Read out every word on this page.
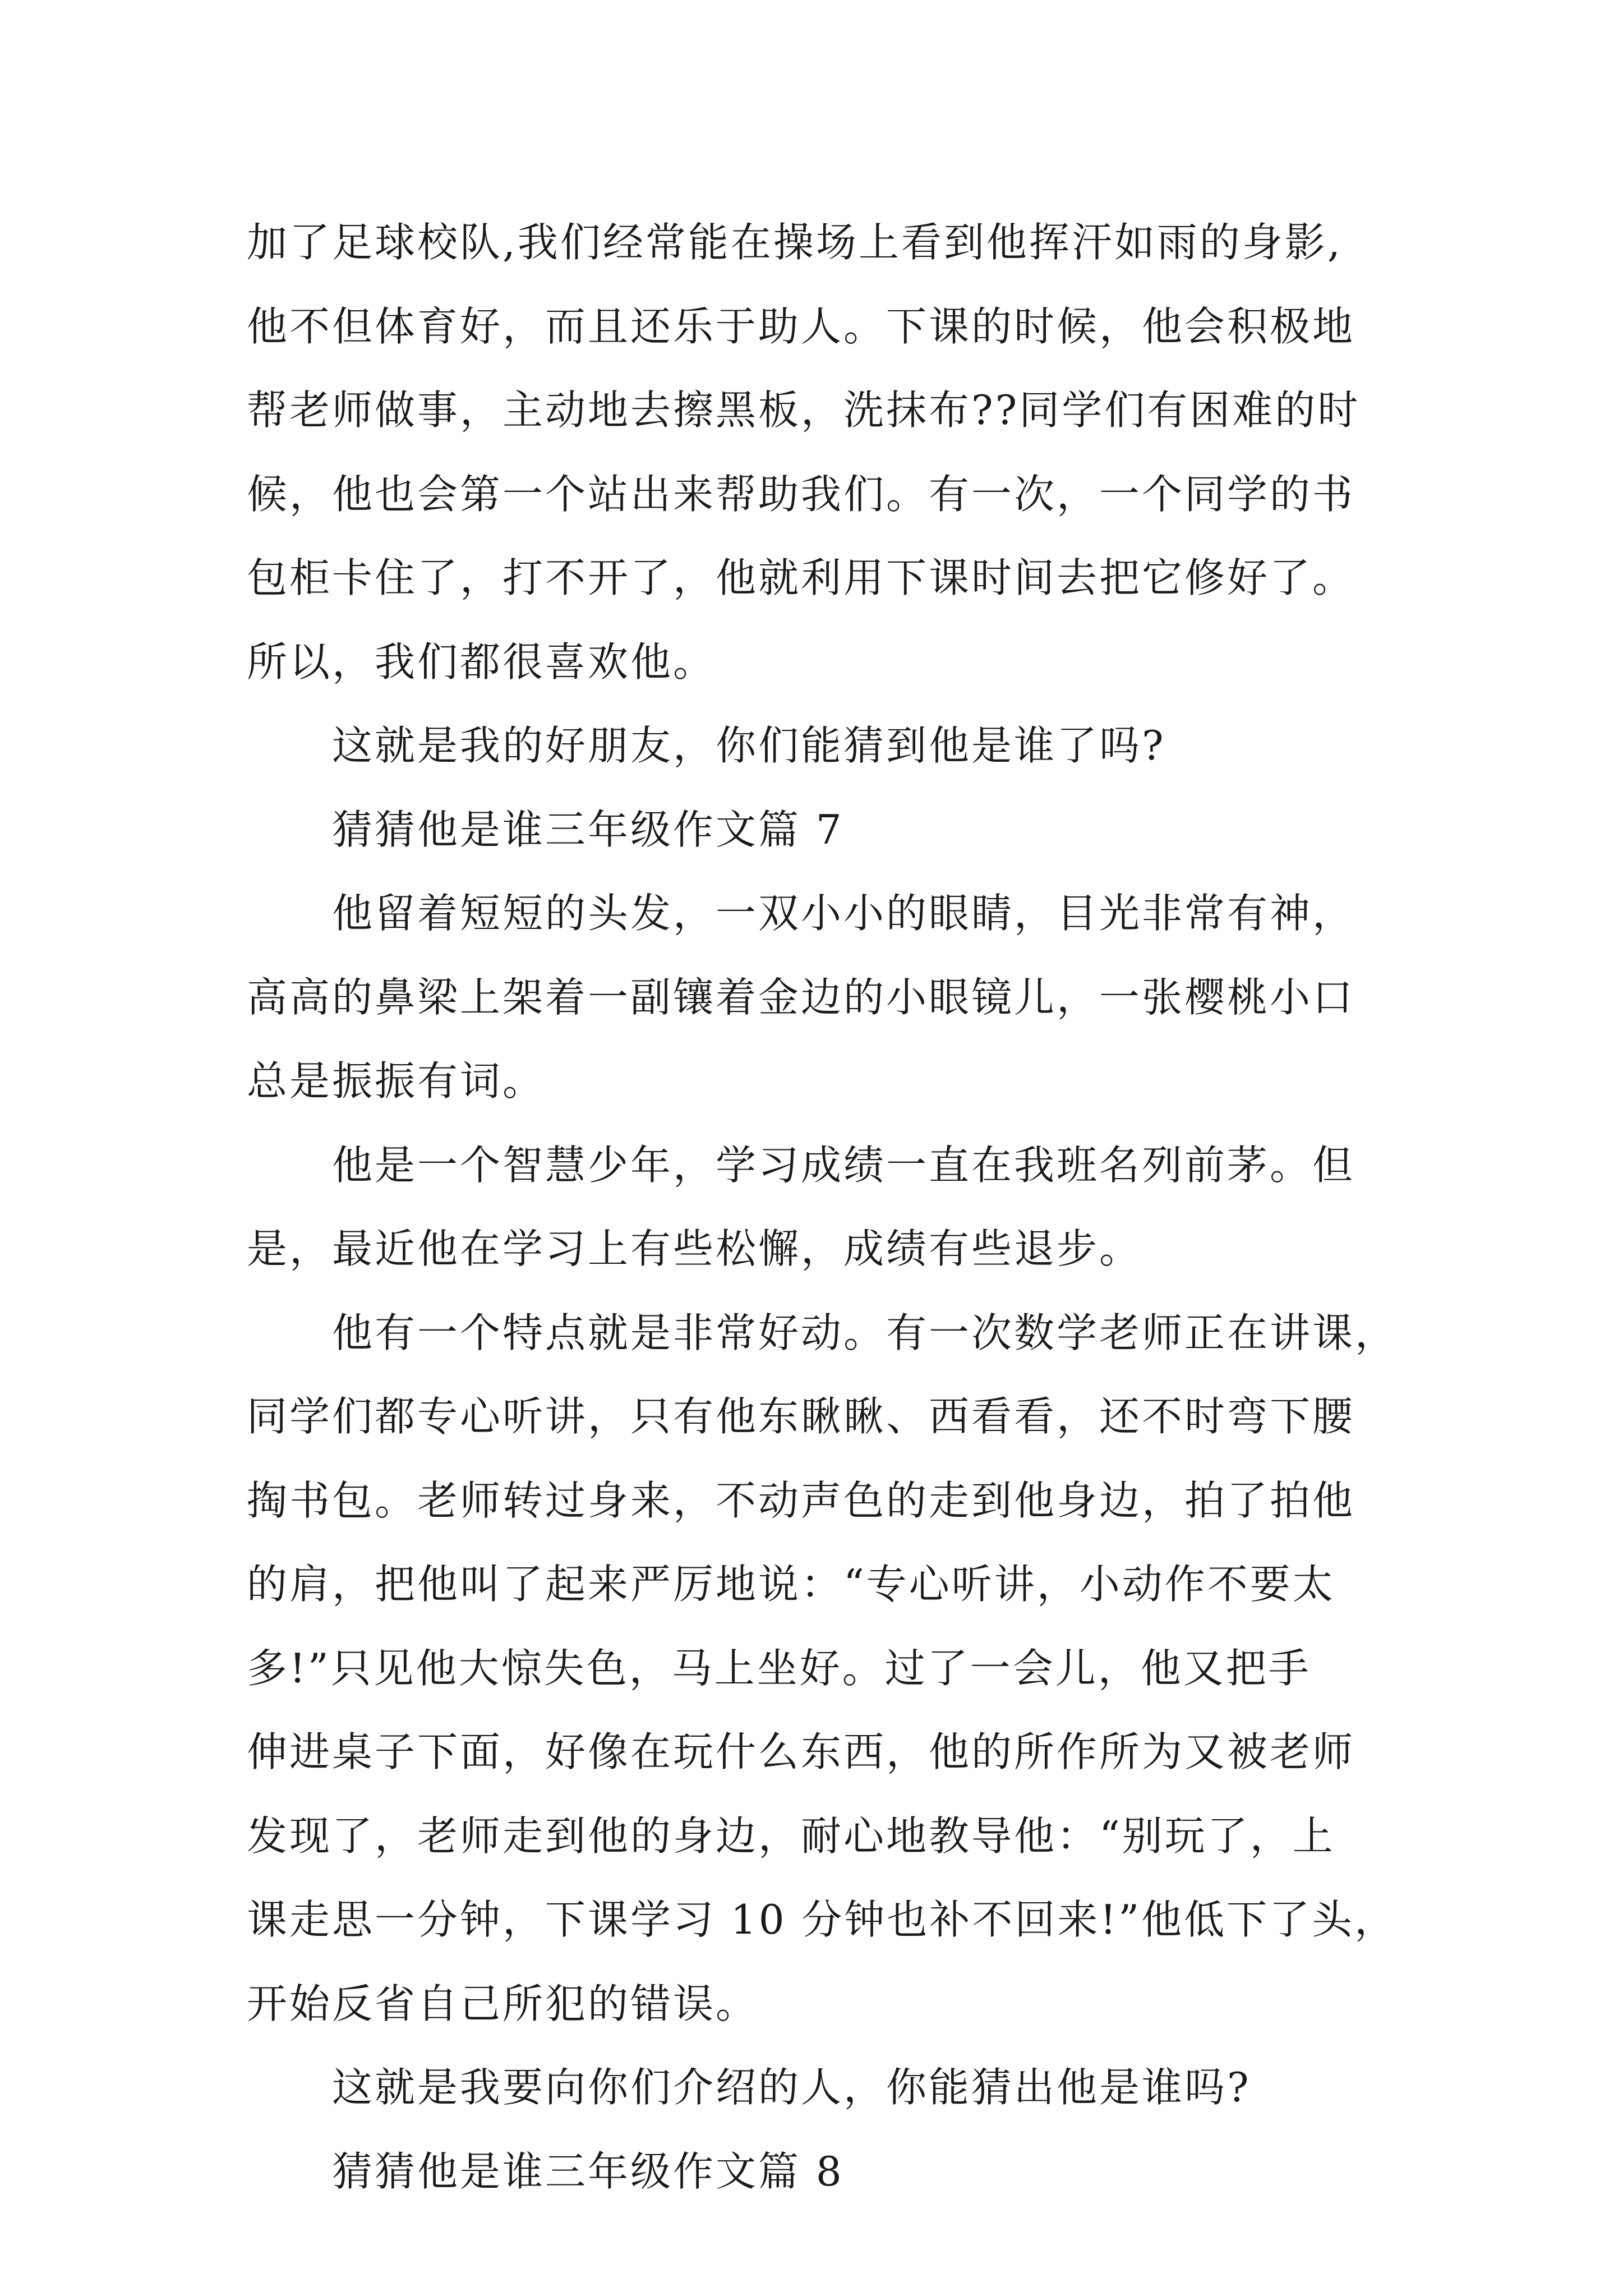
加了足球校队,我们经常能在操场上看到他挥汗如雨的身影,
他不但体育好，而且还乐于助人。下课的时候，他会积极地
帮老师做事，主动地去擦黑板，洗抹布??同学们有困难的时
候，他也会第一个站出来帮助我们。有一次，一个同学的书
包柜卡住了，打不开了，他就利用下课时间去把它修好了。
所以，我们都很喜欢他。
这就是我的好朋友，你们能猜到他是谁了吗?
猜猜他是谁三年级作文篇 7
他留着短短的头发，一双小小的眼睛，目光非常有神，
高高的鼻梁上架着一副镶着金边的小眼镜儿，一张樱桃小口
总是振振有词。
他是一个智慧少年，学习成绩一直在我班名列前茅。但
是，最近他在学习上有些松懈，成绩有些退步。
他有一个特点就是非常好动。有一次数学老师正在讲课，
同学们都专心听讲，只有他东瞅瞅、西看看，还不时弯下腰
掏书包。老师转过身来，不动声色的走到他身边，拍了拍他
的肩，把他叫了起来严厉地说：“专心听讲，小动作不要太
多!”只见他大惊失色，马上坐好。过了一会儿，他又把手
伸进桌子下面，好像在玩什么东西，他的所作所为又被老师
发现了，老师走到他的身边，耐心地教导他：“别玩了，上
课走思一分钟，下课学习 10 分钟也补不回来!”他低下了头，
开始反省自己所犯的错误。
这就是我要向你们介绍的人，你能猜出他是谁吗?
猜猜他是谁三年级作文篇 8
